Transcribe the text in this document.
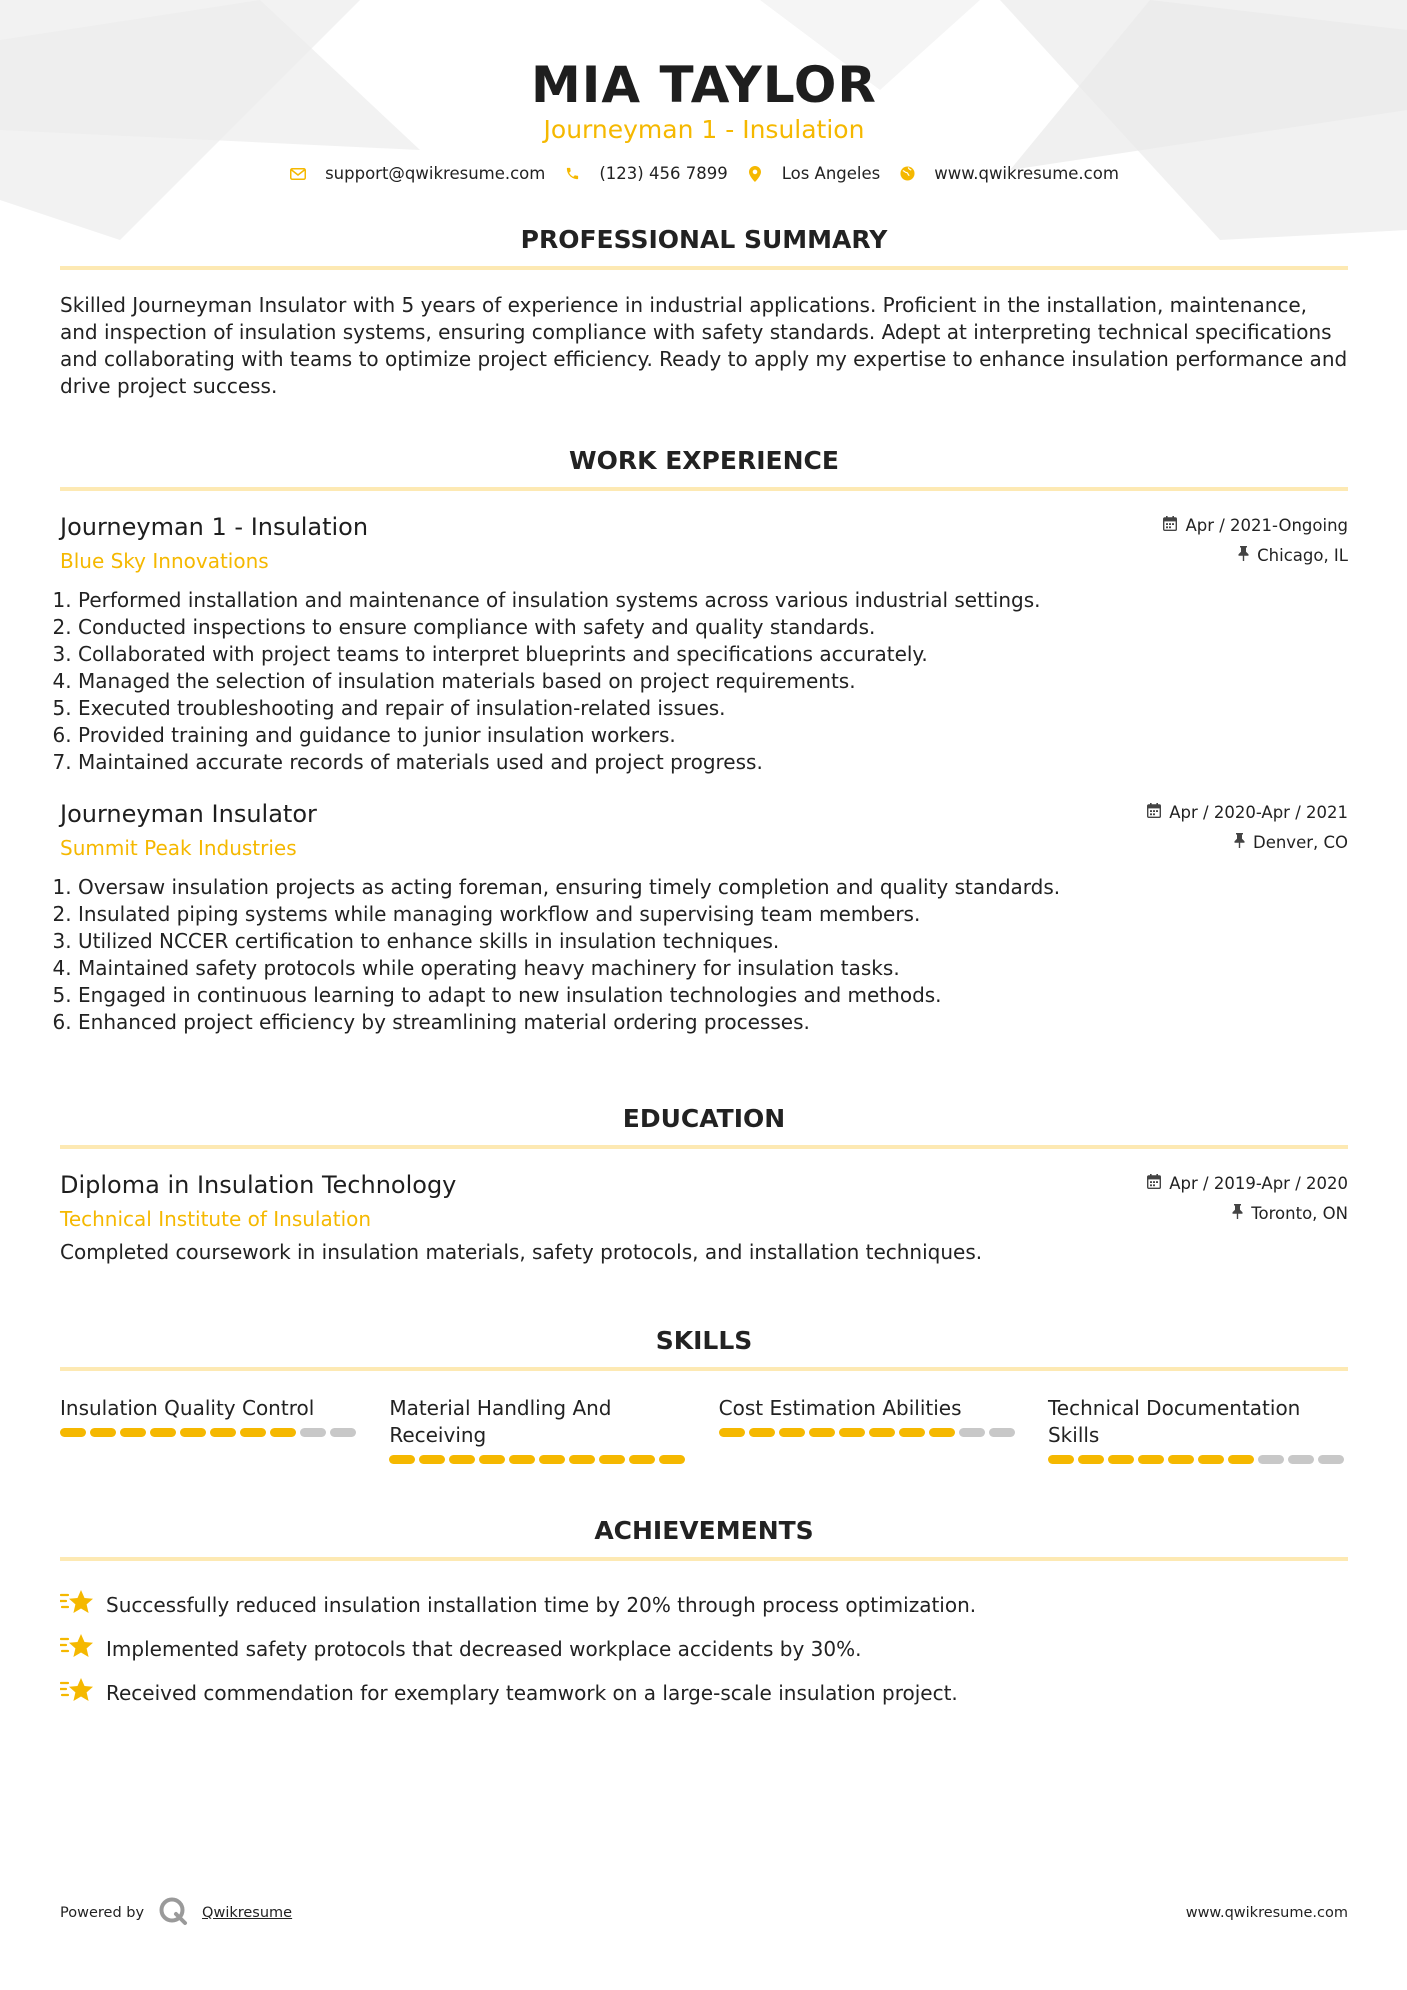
MIA TAYLOR
Journeyman 1 - Insulation
support@qwikresume.com	(123) 456 7899	Los Angeles	www.qwikresume.com
PROFESSIONAL SUMMARY
Skilled Journeyman Insulator with 5 years of experience in industrial applications. Proficient in the installation, maintenance, and inspection of insulation systems, ensuring compliance with safety standards. Adept at interpreting technical specifications and collaborating with teams to optimize project efficiency. Ready to apply my expertise to enhance insulation performance and drive project success.
WORK EXPERIENCE
Journeyman 1 - Insulation
Blue Sky Innovations
Apr / 2021-Ongoing
Chicago, IL
1. Performed installation and maintenance of insulation systems across various industrial settings.
2. Conducted inspections to ensure compliance with safety and quality standards.
3. Collaborated with project teams to interpret blueprints and specifications accurately.
4. Managed the selection of insulation materials based on project requirements.
5. Executed troubleshooting and repair of insulation-related issues.
6. Provided training and guidance to junior insulation workers.
7. Maintained accurate records of materials used and project progress.
Journeyman Insulator
Summit Peak Industries
Apr / 2020-Apr / 2021
Denver, CO
1. Oversaw insulation projects as acting foreman, ensuring timely completion and quality standards.
2. Insulated piping systems while managing workflow and supervising team members.
3. Utilized NCCER certification to enhance skills in insulation techniques.
4. Maintained safety protocols while operating heavy machinery for insulation tasks.
5. Engaged in continuous learning to adapt to new insulation technologies and methods.
6. Enhanced project efficiency by streamlining material ordering processes.
EDUCATION
Diploma in Insulation Technology
Technical Institute of Insulation
Apr / 2019-Apr / 2020
Toronto, ON
Completed coursework in insulation materials, safety protocols, and installation techniques.
SKILLS
Insulation Quality Control	Material Handling And Receiving
Cost Estimation Abilities	Technical Documentation Skills
ACHIEVEMENTS
Successfully reduced insulation installation time by 20% through process optimization.
Implemented safety protocols that decreased workplace accidents by 30%.
Received commendation for exemplary teamwork on a large-scale insulation project.
Powered by	Qwikresume	www.qwikresume.com
